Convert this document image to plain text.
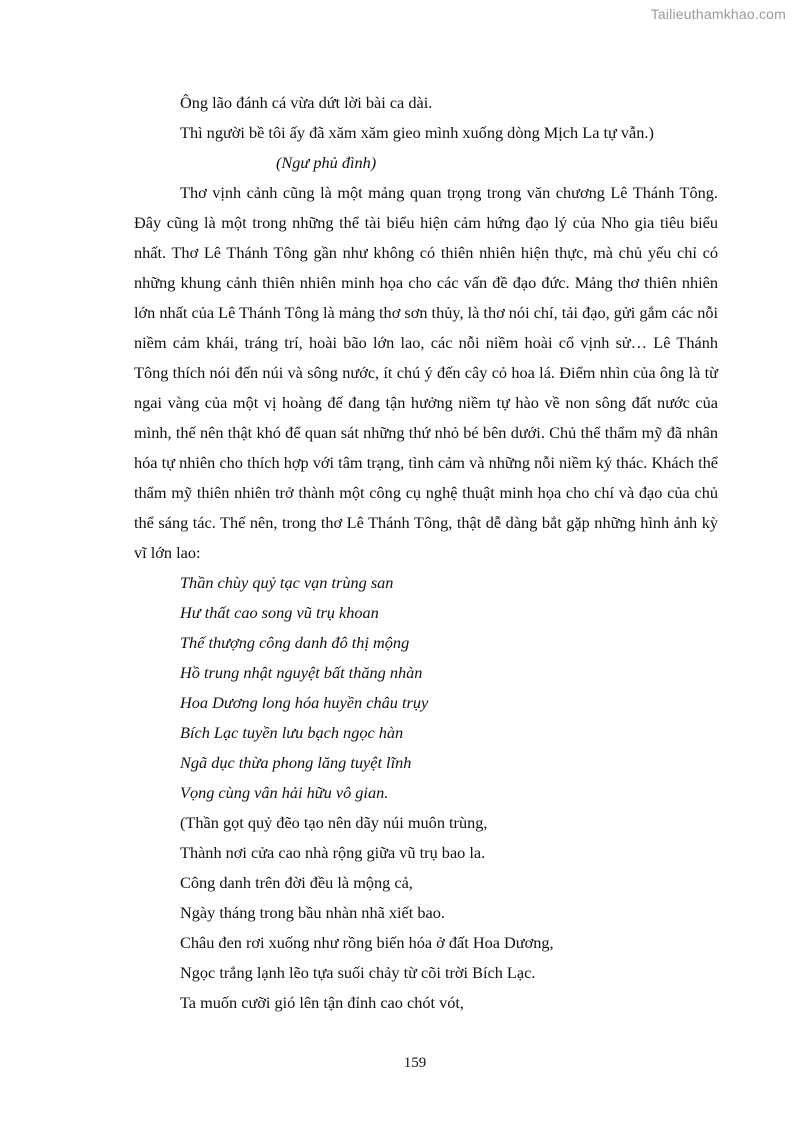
Tailieuthamkhao.com
Ông lão đánh cá vừa dứt lời bài ca dài.
Thì người bề tôi ấy đã xăm xăm gieo mình xuống dòng Mịch La tự vẫn.)
(Ngư phủ đình)

Thơ vịnh cảnh cũng là một mảng quan trọng trong văn chương Lê Thánh Tông. Đây cũng là một trong những thể tài biểu hiện cảm hứng đạo lý của Nho gia tiêu biểu nhất. Thơ Lê Thánh Tông gần như không có thiên nhiên hiện thực, mà chủ yếu chỉ có những khung cảnh thiên nhiên minh họa cho các vấn đề đạo đức. Mảng thơ thiên nhiên lớn nhất của Lê Thánh Tông là mảng thơ sơn thủy, là thơ nói chí, tải đạo, gửi gắm các nỗi niềm cảm khái, tráng trí, hoài bão lớn lao, các nỗi niềm hoài cổ vịnh sử… Lê Thánh Tông thích nói đến núi và sông nước, ít chú ý đến cây cỏ hoa lá. Điểm nhìn của ông là từ ngai vàng của một vị hoàng đế đang tận hưởng niềm tự hào về non sông đất nước của mình, thế nên thật khó để quan sát những thứ nhỏ bé bên dưới. Chủ thể thẩm mỹ đã nhân hóa tự nhiên cho thích hợp với tâm trạng, tình cảm và những nỗi niềm ký thác. Khách thể thẩm mỹ thiên nhiên trở thành một công cụ nghệ thuật minh họa cho chí và đạo của chủ thể sáng tác. Thế nên, trong thơ Lê Thánh Tông, thật dễ dàng bắt gặp những hình ảnh kỳ vĩ lớn lao:

Thần chùy quỷ tạc vạn trùng san
Hư thất cao song vũ trụ khoan
Thế thượng công danh đô thị mộng
Hồ trung nhật nguyệt bất thăng nhàn
Hoa Dương long hóa huyền châu trụy
Bích Lạc tuyền lưu bạch ngọc hàn
Ngã dục thừa phong lăng tuyệt lĩnh
Vọng cùng vân hải hữu vô gian.
(Thần gọt quỷ đẽo tạo nên dãy núi muôn trùng,
Thành nơi cửa cao nhà rộng giữa vũ trụ bao la.
Công danh trên đời đều là mộng cả,
Ngày tháng trong bầu nhàn nhã xiết bao.
Châu đen rơi xuống như rồng biến hóa ở đất Hoa Dương,
Ngọc trắng lạnh lẽo tựa suối chảy từ cõi trời Bích Lạc.
Ta muốn cưỡi gió lên tận đỉnh cao chót vót,
159
